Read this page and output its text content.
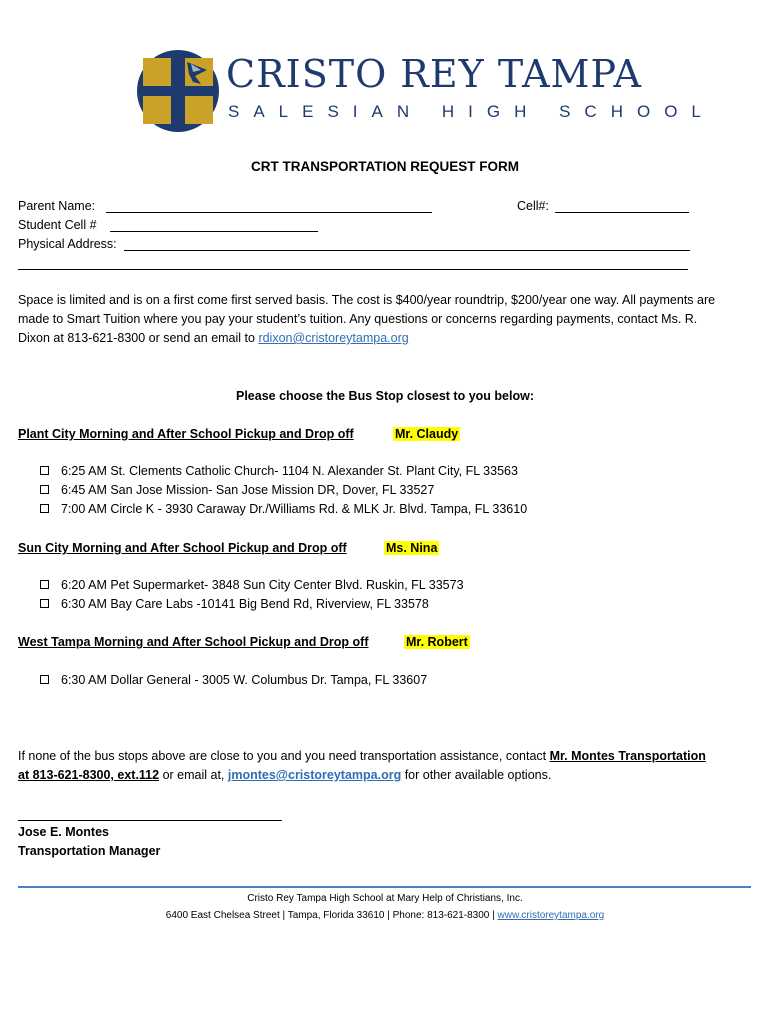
CRISTO REY TAMPA
SALESIAN HIGH SCHOOL
CRT TRANSPORTATION REQUEST FORM
Parent Name:	Cell#:
Student Cell #
Physical Address:
Space is limited and is on a first come first served basis. The cost is $400/year roundtrip, $200/year one way. All payments are made to Smart Tuition where you pay your student’s tuition. Any questions or concerns regarding payments, contact Ms. R. Dixon at 813-621-8300 or send an email to rdixon@cristoreytampa.org
Please choose the Bus Stop closest to you below:
Plant City Morning and After School Pickup and Drop off	Mr. Claudy
6:25 AM St. Clements Catholic Church- 1104 N. Alexander St. Plant City, FL 33563
6:45 AM San Jose Mission- San Jose Mission DR, Dover, FL 33527
7:00 AM Circle K - 3930 Caraway Dr./Williams Rd. & MLK Jr. Blvd. Tampa, FL 33610
Sun City Morning and After School Pickup and Drop off	Ms. Nina
6:20 AM Pet Supermarket- 3848 Sun City Center Blvd. Ruskin, FL 33573
6:30 AM Bay Care Labs -10141 Big Bend Rd, Riverview, FL 33578
West Tampa Morning and After School Pickup and Drop off	Mr. Robert
6:30 AM Dollar General - 3005 W. Columbus Dr. Tampa, FL 33607
If none of the bus stops above are close to you and you need transportation assistance, contact Mr. Montes Transportation at 813-621-8300, ext.112 or email at, jmontes@cristoreytampa.org for other available options.
Jose E. Montes
Transportation Manager
Cristo Rey Tampa High School at Mary Help of Christians, Inc.
6400 East Chelsea Street | Tampa, Florida 33610 | Phone: 813-621-8300 | www.cristoreytampa.org
